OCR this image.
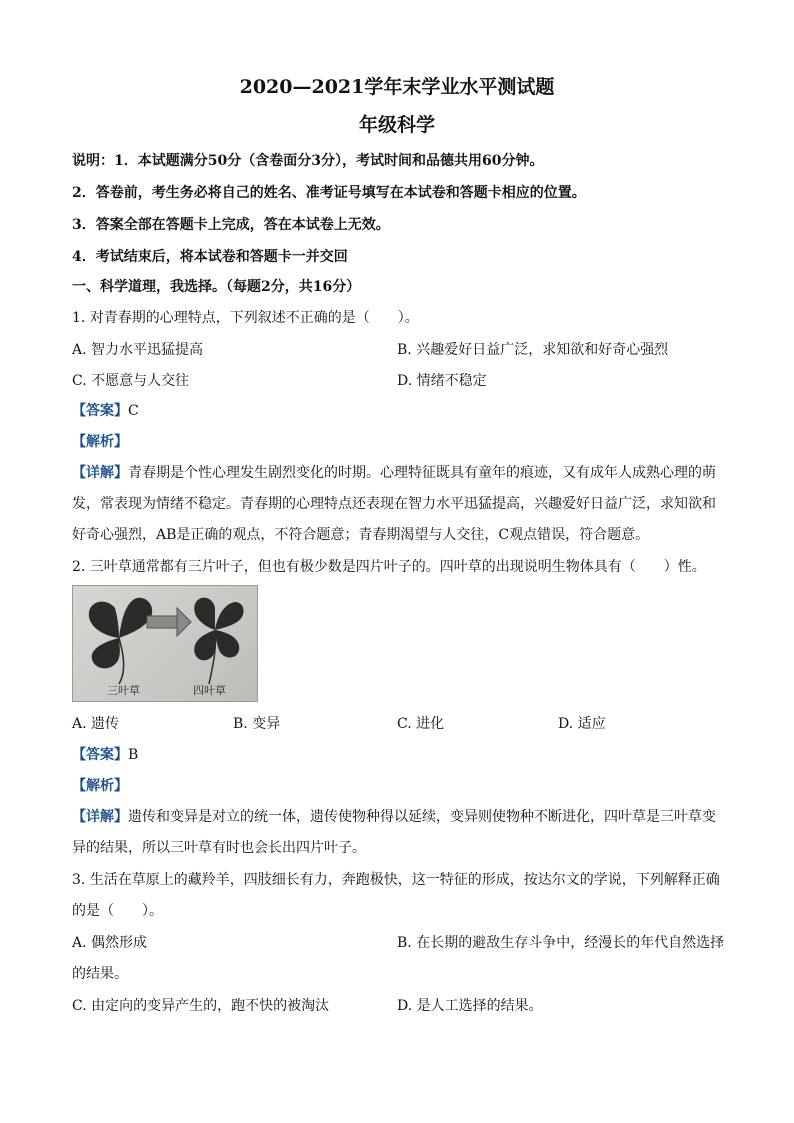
2020—2021学年末学业水平测试题
年级科学
说明：1．本试题满分50分（含卷面分3分），考试时间和品德共用60分钟。
2．答卷前，考生务必将自己的姓名、准考证号填写在本试卷和答题卡相应的位置。
3．答案全部在答题卡上完成，答在本试卷上无效。
4．考试结束后，将本试卷和答题卡一并交回
一、科学道理，我选择。（每题2分，共16分）
1. 对青春期的心理特点，下列叙述不正确的是（　　）。
A. 智力水平迅猛提高	B. 兴趣爱好日益广泛，求知欲和好奇心强烈
C. 不愿意与人交往	D. 情绪不稳定
【答案】C
【解析】
【详解】青春期是个性心理发生剧烈变化的时期。心理特征既具有童年的痕迹，又有成年人成熟心理的萌
发，常表现为情绪不稳定。青春期的心理特点还表现在智力水平迅猛提高，兴趣爱好日益广泛，求知欲和
好奇心强烈，AB是正确的观点，不符合题意；青春期渴望与人交往，C观点错误，符合题意。
2. 三叶草通常都有三片叶子，但也有极少数是四片叶子的。四叶草的出现说明生物体具有（　　）性。
三叶草	四叶草
A. 遗传	B. 变异	C. 进化	D. 适应
【答案】B
【解析】
【详解】遗传和变异是对立的统一体，遗传使物种得以延续，变异则使物种不断进化，四叶草是三叶草变
异的结果，所以三叶草有时也会长出四片叶子。
3. 生活在草原上的藏羚羊，四肢细长有力，奔跑极快，这一特征的形成，按达尔文的学说，下列解释正确
的是（　　）。
A. 偶然形成	B. 在长期的避敌生存斗争中，经漫长的年代自然选择
的结果。
C. 由定向的变异产生的，跑不快的被淘汰	D. 是人工选择的结果。
